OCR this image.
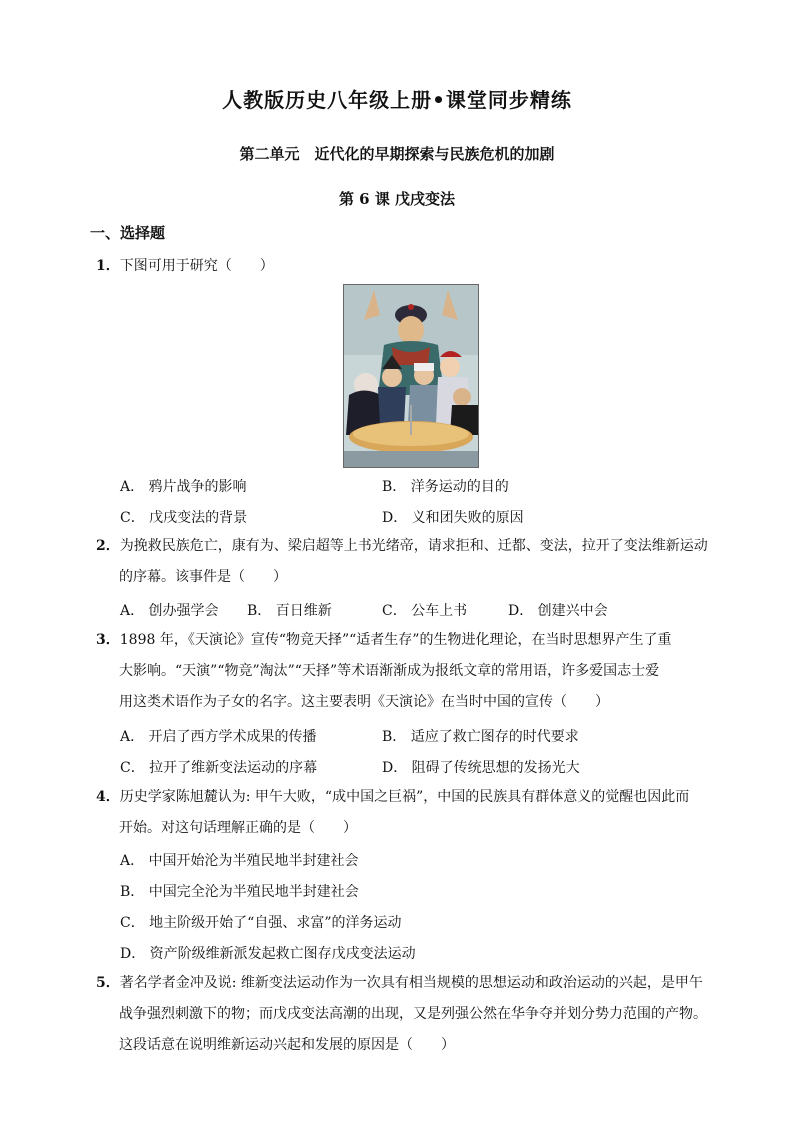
人教版历史八年级上册•课堂同步精练
第二单元　近代化的早期探索与民族危机的加剧
第 6 课 戊戌变法
一、选择题
1．下图可用于研究（　　）
A． 鸦片战争的影响	B． 洋务运动的目的
C． 戊戌变法的背景	D． 义和团失败的原因
2．为挽救民族危亡，康有为、梁启超等上书光绪帝，请求拒和、迁都、变法，拉开了变法维新运动
的序幕。该事件是（　　）
A． 创办强学会 B． 百日维新	C． 公车上书	D． 创建兴中会
3．1898 年，《天演论》宣传“物竞天择”“适者生存”的生物进化理论，在当时思想界产生了重
大影响。“天演”“物竞”淘汰”“天择”等术语渐渐成为报纸文章的常用语，许多爱国志士爱
用这类术语作为子女的名字。这主要表明《天演论》在当时中国的宣传（　　）
A． 开启了西方学术成果的传播	B． 适应了救亡图存的时代要求
C． 拉开了维新变法运动的序幕	D． 阻碍了传统思想的发扬光大
4．历史学家陈旭麓认为: 甲午大败，“成中国之巨祸”，中国的民族具有群体意义的觉醒也因此而
开始。对这句话理解正确的是（　　）
A． 中国开始沦为半殖民地半封建社会
B． 中国完全沦为半殖民地半封建社会
C． 地主阶级开始了“自强、求富”的洋务运动
D． 资产阶级维新派发起救亡图存戊戌变法运动
5．著名学者金冲及说: 维新变法运动作为一次具有相当规模的思想运动和政治运动的兴起，是甲午
战争强烈刺激下的物；而戊戌变法高潮的出现，又是列强公然在华争夺并划分势力范围的产物。
这段话意在说明维新运动兴起和发展的原因是（　　）
